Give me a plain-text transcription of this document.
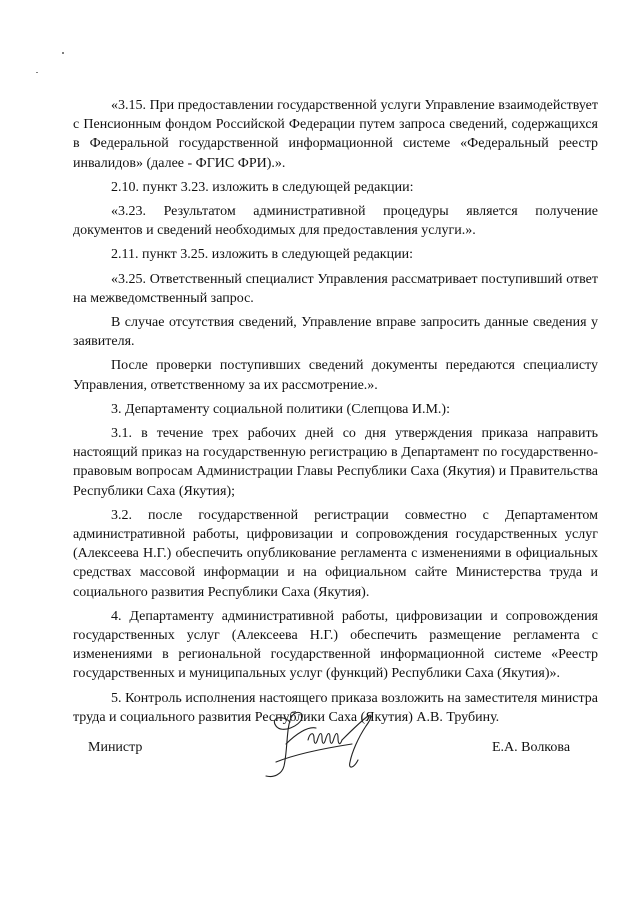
«3.15. При предоставлении государственной услуги Управление взаимодействует с Пенсионным фондом Российской Федерации путем запроса сведений, содержащихся в Федеральной государственной информационной системе «Федеральный реестр инвалидов» (далее - ФГИС ФРИ).».

2.10. пункт 3.23. изложить в следующей редакции:

«3.23. Результатом административной процедуры является получение документов и сведений необходимых для предоставления услуги.».

2.11. пункт 3.25. изложить в следующей редакции:

«3.25. Ответственный специалист Управления рассматривает поступивший ответ на межведомственный запрос.

В случае отсутствия сведений, Управление вправе запросить данные сведения у заявителя.

После проверки поступивших сведений документы передаются специалисту Управления, ответственному за их рассмотрение.».

3. Департаменту социальной политики (Слепцова И.М.):

3.1. в течение трех рабочих дней со дня утверждения приказа направить настоящий приказ на государственную регистрацию в Департамент по государственно-правовым вопросам Администрации Главы Республики Саха (Якутия) и Правительства Республики Саха (Якутия);

3.2. после государственной регистрации совместно с Департаментом административной работы, цифровизации и сопровождения государственных услуг (Алексеева Н.Г.) обеспечить опубликование регламента с изменениями в официальных средствах массовой информации и на официальном сайте Министерства труда и социального развития Республики Саха (Якутия).

4. Департаменту административной работы, цифровизации и сопровождения государственных услуг (Алексеева Н.Г.) обеспечить размещение регламента с изменениями в региональной государственной информационной системе «Реестр государственных и муниципальных услуг (функций) Республики Саха (Якутия)».

5. Контроль исполнения настоящего приказа возложить на заместителя министра труда и социального развития Республики Саха (Якутия) А.В. Трубину.

Министр	Е.А. Волкова
